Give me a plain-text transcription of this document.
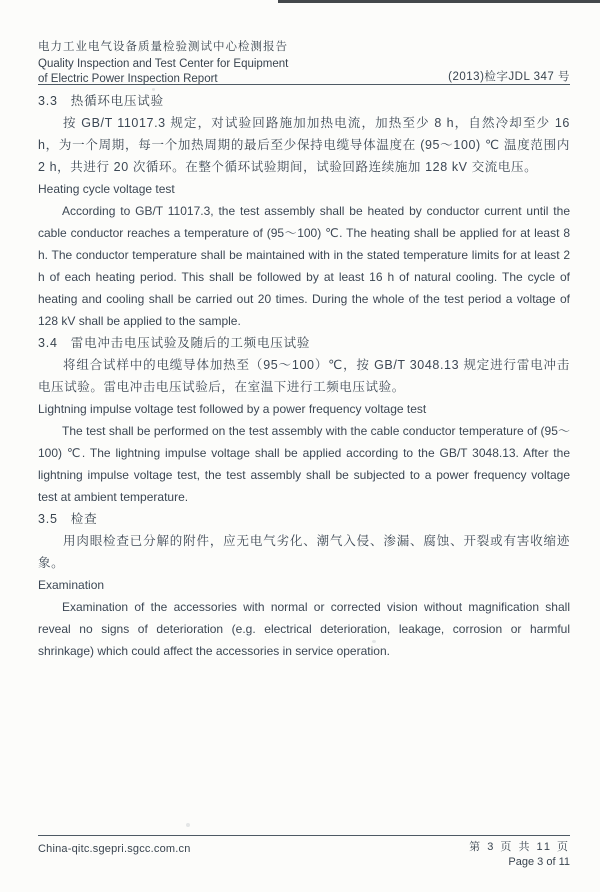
电力工业电气设备质量检验测试中心检测报告
Quality Inspection and Test Center for Equipment
of Electric Power Inspection Report	(2013)检字JDL 347 号
3.3 热循环电压试验

按 GB/T 11017.3 规定，对试验回路施加加热电流，加热至少 8 h，自然冷却至少 16 h，为一个周期，每一个加热周期的最后至少保持电缆导体温度在 (95～100) ℃ 温度范围内 2 h，共进行 20 次循环。在整个循环试验期间，试验回路连续施加 128 kV 交流电压。

Heating cycle voltage test

According to GB/T 11017.3, the test assembly shall be heated by conductor current until the cable conductor reaches a temperature of (95～100) ℃. The heating shall be applied for at least 8 h. The conductor temperature shall be maintained with in the stated temperature limits for at least 2 h of each heating period. This shall be followed by at least 16 h of natural cooling. The cycle of heating and cooling shall be carried out 20 times. During the whole of the test period a voltage of 128 kV shall be applied to the sample.

3.4 雷电冲击电压试验及随后的工频电压试验

将组合试样中的电缆导体加热至（95～100）℃，按 GB/T 3048.13 规定进行雷电冲击电压试验。雷电冲击电压试验后，在室温下进行工频电压试验。

Lightning impulse voltage test followed by a power frequency voltage test

The test shall be performed on the test assembly with the cable conductor temperature of (95～100) ℃. The lightning impulse voltage shall be applied according to the GB/T 3048.13. After the lightning impulse voltage test, the test assembly shall be subjected to a power frequency voltage test at ambient temperature.

3.5 检查

用肉眼检查已分解的附件，应无电气劣化、潮气入侵、渗漏、腐蚀、开裂或有害收缩迹象。

Examination

Examination of the accessories with normal or corrected vision without magnification shall reveal no signs of deterioration (e.g. electrical deterioration, leakage, corrosion or harmful shrinkage) which could affect the accessories in service operation.

China-qitc.sgepri.sgcc.com.cn	第 3 页 共 11 页
Page 3 of 11
